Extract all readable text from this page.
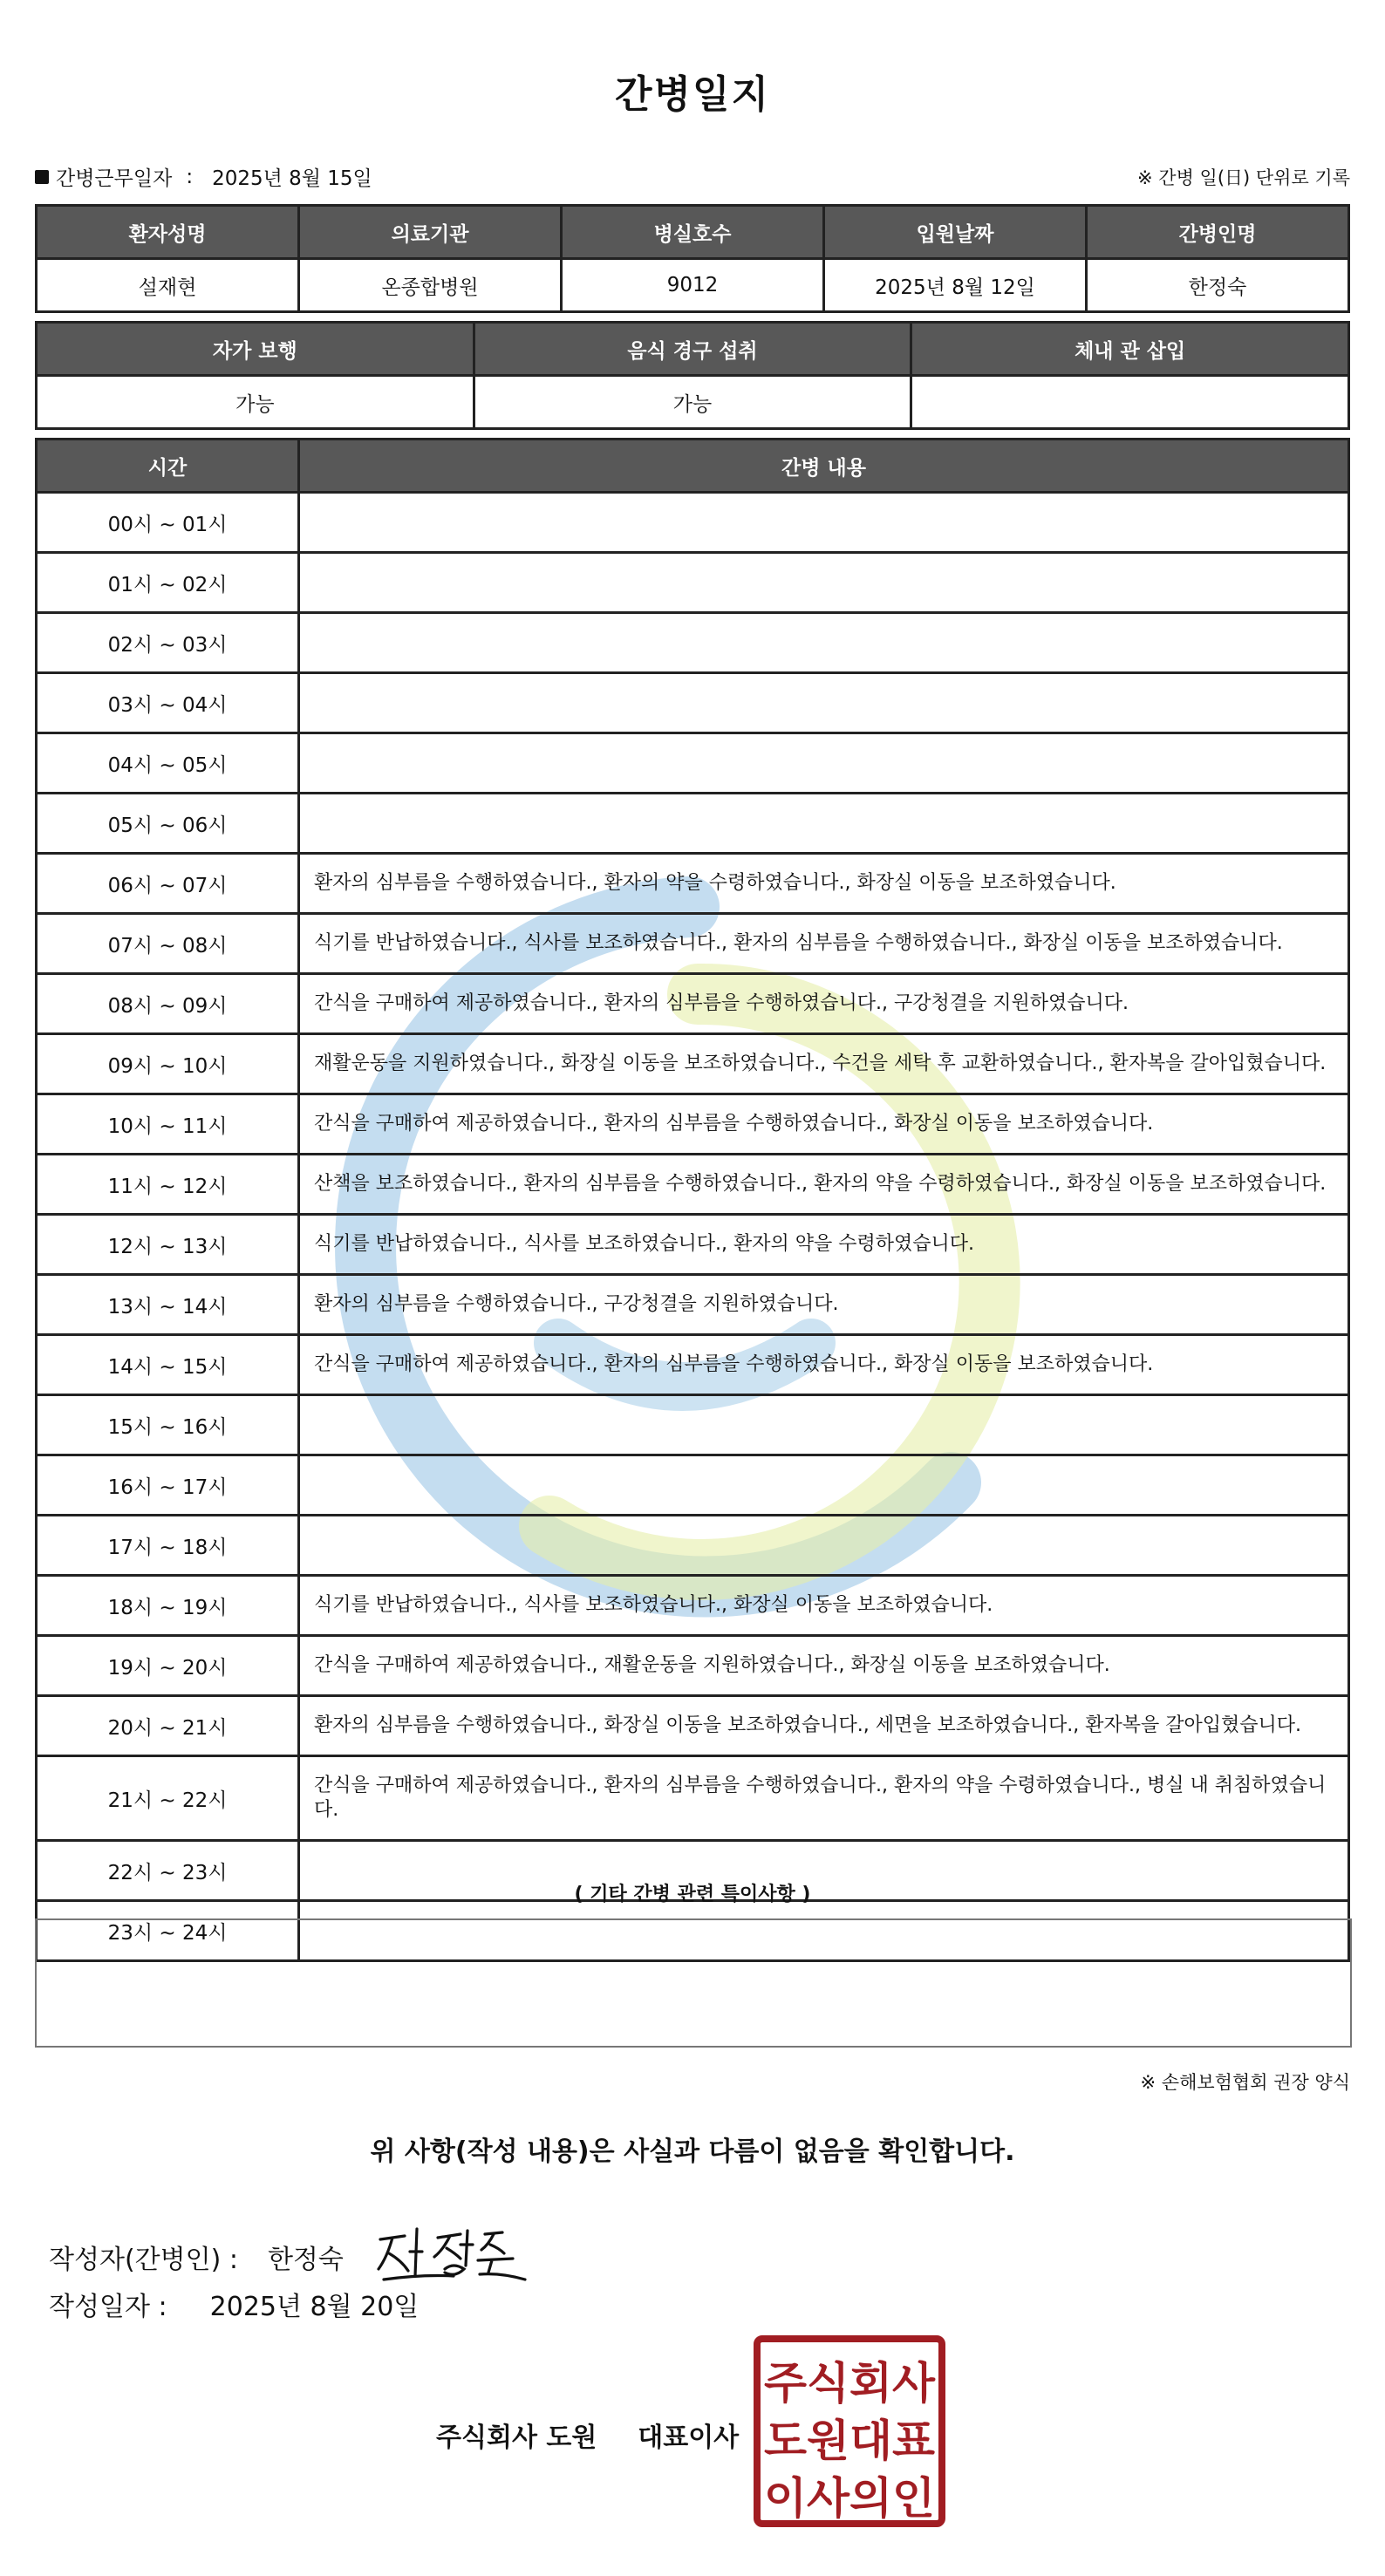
간병일지
간병근무일자 : 2025년 8월 15일	※ 간병 일(日) 단위로 기록
환자성명	의료기관	병실호수	입원날짜	간병인명
설재현	온종합병원	9012	2025년 8월 12일	한정숙
자가 보행	음식 경구 섭취	체내 관 삽입
가능	가능	
시간	간병 내용
00시 ~ 01시	
01시 ~ 02시	
02시 ~ 03시	
03시 ~ 04시	
04시 ~ 05시	
05시 ~ 06시	
06시 ~ 07시	환자의 심부름을 수행하였습니다., 환자의 약을 수령하였습니다., 화장실 이동을 보조하였습니다.
07시 ~ 08시	식기를 반납하였습니다., 식사를 보조하였습니다., 환자의 심부름을 수행하였습니다., 화장실 이동을 보조하였습니다.
08시 ~ 09시	간식을 구매하여 제공하였습니다., 환자의 심부름을 수행하였습니다., 구강청결을 지원하였습니다.
09시 ~ 10시	재활운동을 지원하였습니다., 화장실 이동을 보조하였습니다., 수건을 세탁 후 교환하였습니다., 환자복을 갈아입혔습니다.
10시 ~ 11시	간식을 구매하여 제공하였습니다., 환자의 심부름을 수행하였습니다., 화장실 이동을 보조하였습니다.
11시 ~ 12시	산책을 보조하였습니다., 환자의 심부름을 수행하였습니다., 환자의 약을 수령하였습니다., 화장실 이동을 보조하였습니다.
12시 ~ 13시	식기를 반납하였습니다., 식사를 보조하였습니다., 환자의 약을 수령하였습니다.
13시 ~ 14시	환자의 심부름을 수행하였습니다., 구강청결을 지원하였습니다.
14시 ~ 15시	간식을 구매하여 제공하였습니다., 환자의 심부름을 수행하였습니다., 화장실 이동을 보조하였습니다.
15시 ~ 16시	
16시 ~ 17시	
17시 ~ 18시	
18시 ~ 19시	식기를 반납하였습니다., 식사를 보조하였습니다., 화장실 이동을 보조하였습니다.
19시 ~ 20시	간식을 구매하여 제공하였습니다., 재활운동을 지원하였습니다., 화장실 이동을 보조하였습니다.
20시 ~ 21시	환자의 심부름을 수행하였습니다., 화장실 이동을 보조하였습니다., 세면을 보조하였습니다., 환자복을 갈아입혔습니다.
21시 ~ 22시	간식을 구매하여 제공하였습니다., 환자의 심부름을 수행하였습니다., 환자의 약을 수령하였습니다., 병실 내 취침하였습니다.
22시 ~ 23시	
23시 ~ 24시	
( 기타 간병 관련 특이사항 )
※ 손해보험협회 권장 양식
위 사항(작성 내용)은 사실과 다름이 없음을 확인합니다.
작성자(간병인) : 한정숙
작성일자 : 2025년 8월 20일
주식회사 도원 대표이사
주식회사
도원대표
이사의인
